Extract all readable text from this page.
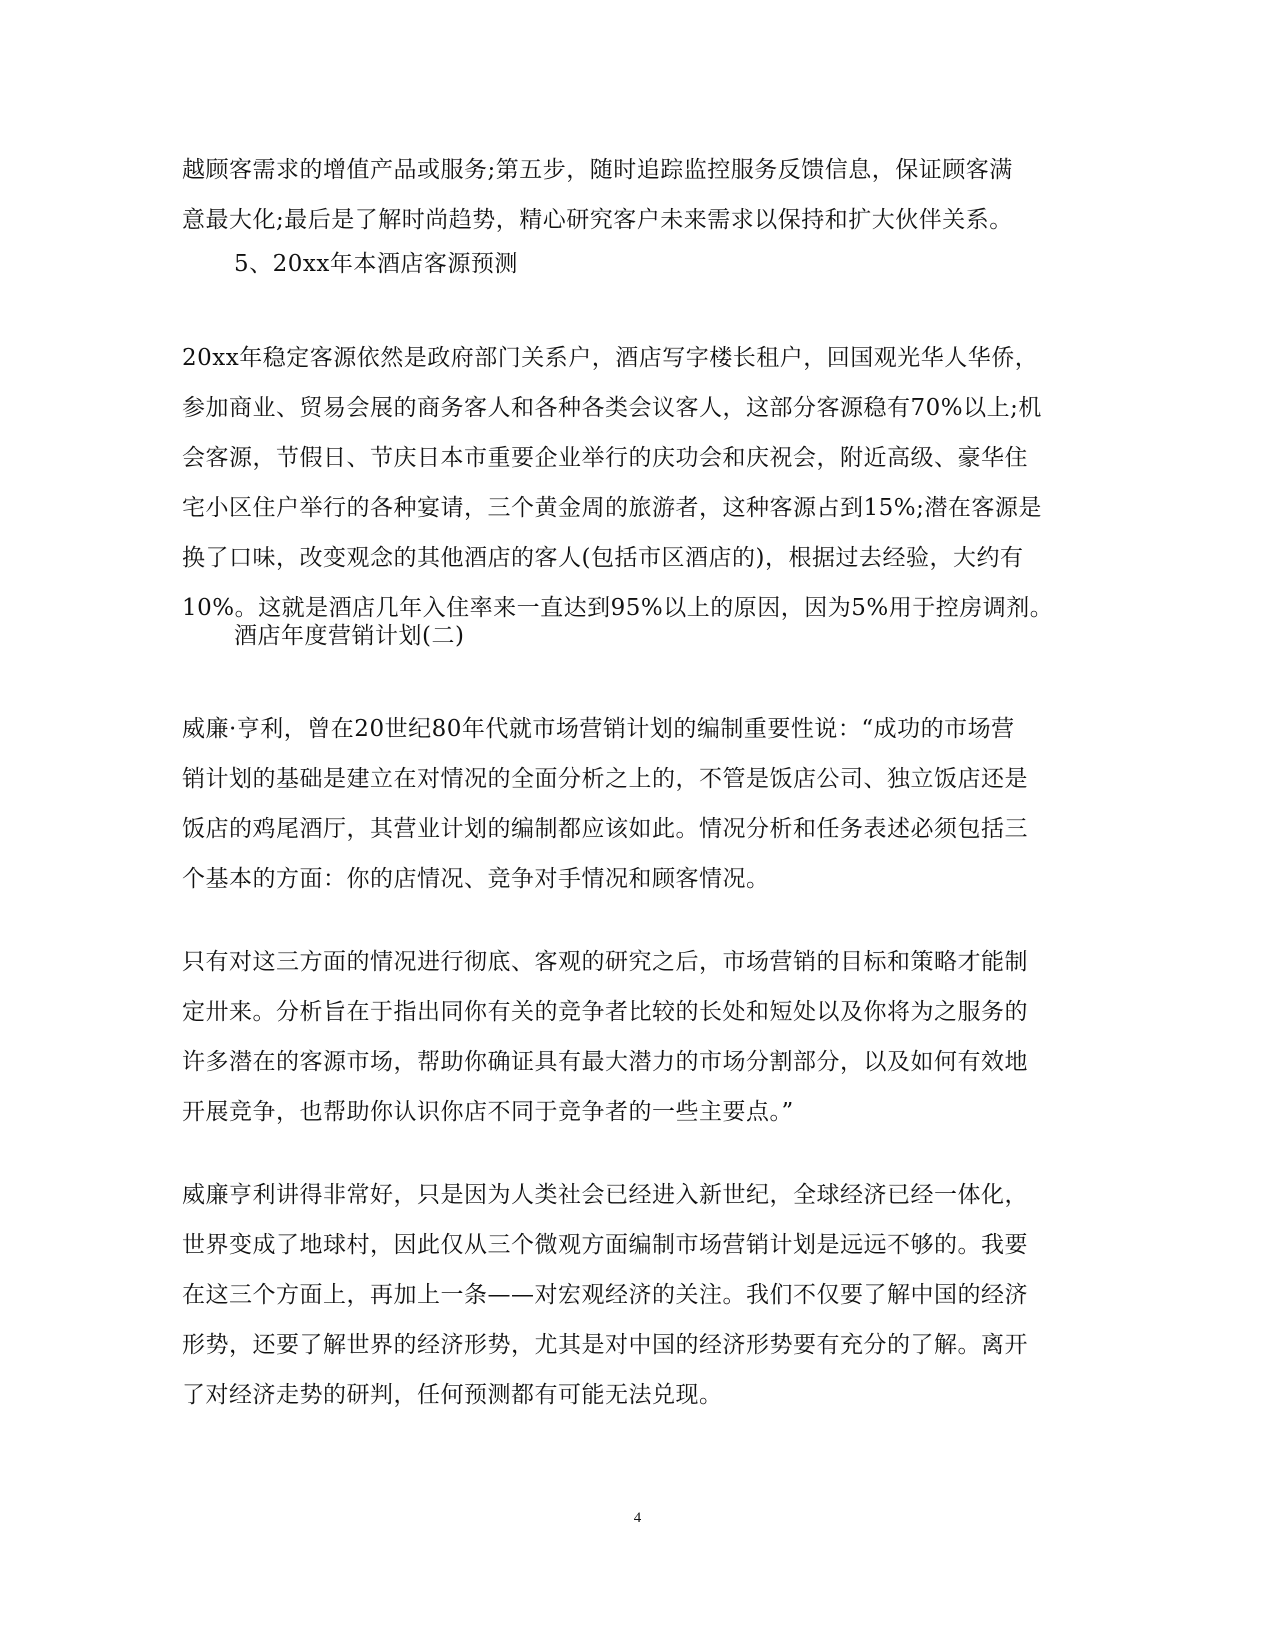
越顾客需求的增值产品或服务;第五步，随时追踪监控服务反馈信息，保证顾客满
意最大化;最后是了解时尚趋势，精心研究客户未来需求以保持和扩大伙伴关系。
5、20xx年本酒店客源预测
20xx年稳定客源依然是政府部门关系户，酒店写字楼长租户，回国观光华人华侨，
参加商业、贸易会展的商务客人和各种各类会议客人，这部分客源稳有70%以上;机
会客源，节假日、节庆日本市重要企业举行的庆功会和庆祝会，附近高级、豪华住
宅小区住户举行的各种宴请，三个黄金周的旅游者，这种客源占到15%;潜在客源是
换了口味，改变观念的其他酒店的客人(包括市区酒店的)，根据过去经验，大约有
10%。这就是酒店几年入住率来一直达到95%以上的原因，因为5%用于控房调剂。
酒店年度营销计划(二)
威廉·亨利，曾在20世纪80年代就市场营销计划的编制重要性说：“成功的市场营
销计划的基础是建立在对情况的全面分析之上的，不管是饭店公司、独立饭店还是
饭店的鸡尾酒厅，其营业计划的编制都应该如此。情况分析和任务表述必须包括三
个基本的方面：你的店情况、竞争对手情况和顾客情况。
只有对这三方面的情况进行彻底、客观的研究之后，市场营销的目标和策略才能制
定卅来。分析旨在于指出同你有关的竞争者比较的长处和短处以及你将为之服务的
许多潜在的客源市场，帮助你确证具有最大潜力的市场分割部分，以及如何有效地
开展竞争，也帮助你认识你店不同于竞争者的一些主要点。”
威廉亨利讲得非常好，只是因为人类社会已经进入新世纪，全球经济已经一体化，
世界变成了地球村，因此仅从三个微观方面编制市场营销计划是远远不够的。我要
在这三个方面上，再加上一条——对宏观经济的关注。我们不仅要了解中国的经济
形势，还要了解世界的经济形势，尤其是对中国的经济形势要有充分的了解。离开
了对经济走势的研判，任何预测都有可能无法兑现。
4
